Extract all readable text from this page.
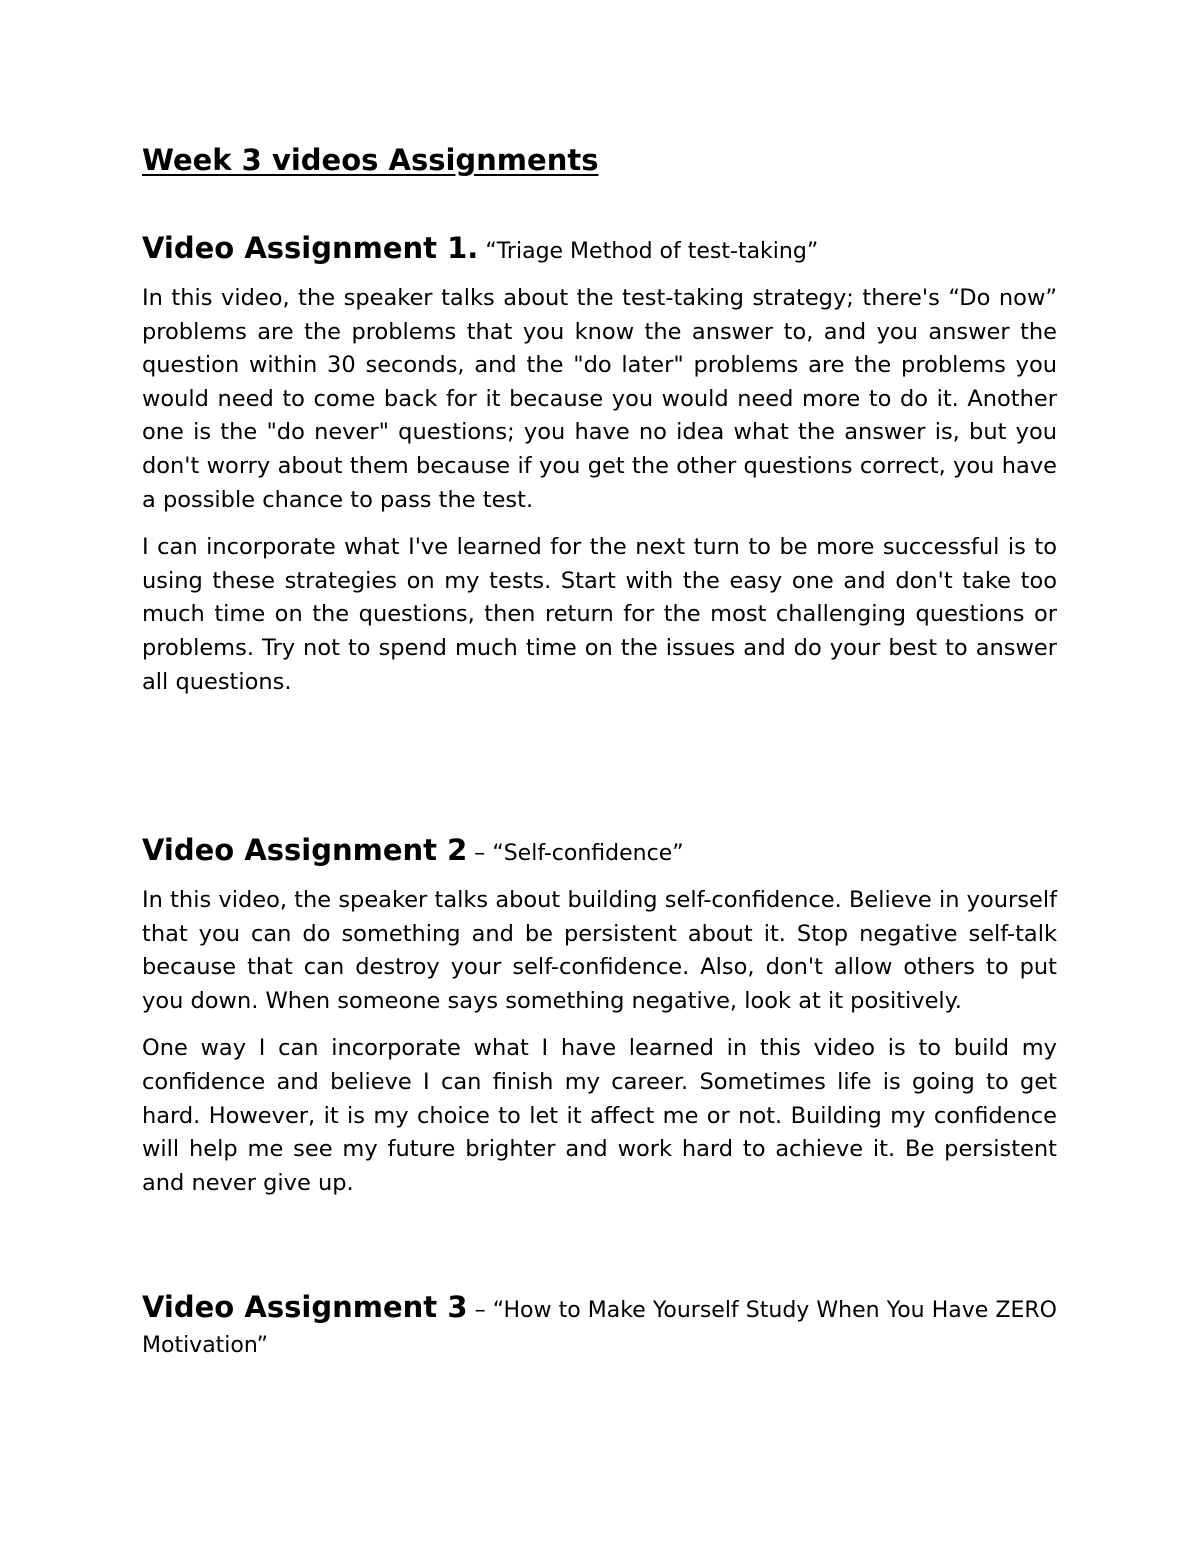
Week 3 videos Assignments
Video Assignment 1. “Triage Method of test-taking”

In this video, the speaker talks about the test-taking strategy; there's “Do now” problems are the problems that you know the answer to, and you answer the question within 30 seconds, and the "do later" problems are the problems you would need to come back for it because you would need more to do it. Another one is the "do never" questions; you have no idea what the answer is, but you don't worry about them because if you get the other questions correct, you have a possible chance to pass the test.

I can incorporate what I've learned for the next turn to be more successful is to using these strategies on my tests. Start with the easy one and don't take too much time on the questions, then return for the most challenging questions or problems. Try not to spend much time on the issues and do your best to answer all questions.

Video Assignment 2 – “Self-confidence”

In this video, the speaker talks about building self-confidence. Believe in yourself that you can do something and be persistent about it. Stop negative self-talk because that can destroy your self-confidence. Also, don't allow others to put you down. When someone says something negative, look at it positively.

One way I can incorporate what I have learned in this video is to build my confidence and believe I can finish my career. Sometimes life is going to get hard. However, it is my choice to let it affect me or not. Building my confidence will help me see my future brighter and work hard to achieve it. Be persistent and never give up.

Video Assignment 3 – “How to Make Yourself Study When You Have ZERO Motivation”
